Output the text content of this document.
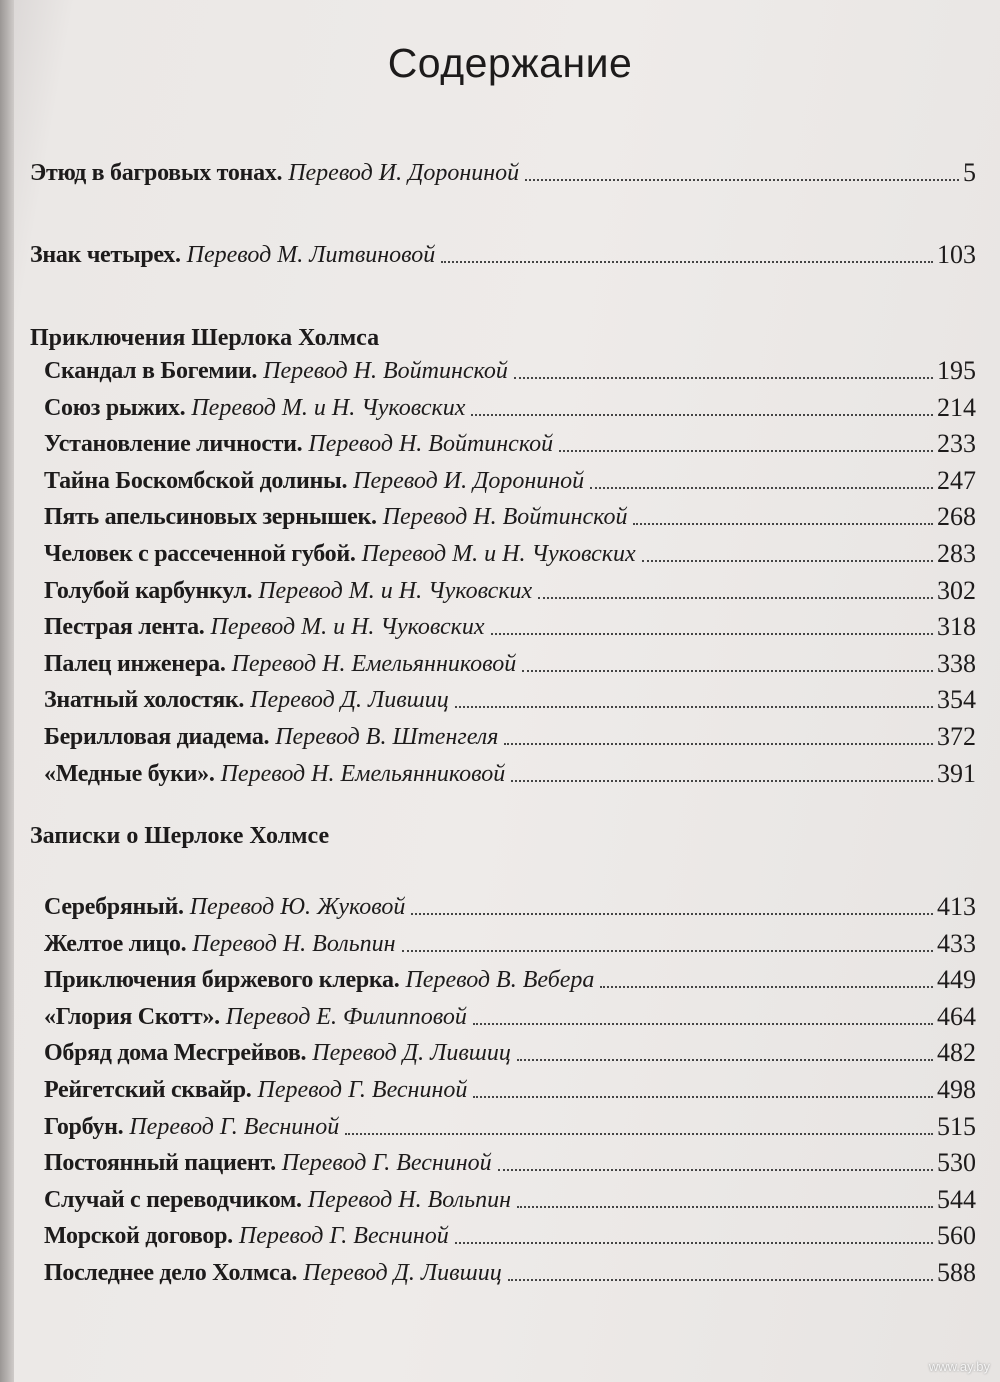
Содержание
Этюд в багровых тонах. Перевод И. Дорониной	5
Знак четырех. Перевод М. Литвиновой	103
Приключения Шерлока Холмса
Скандал в Богемии. Перевод Н. Войтинской	195
Союз рыжих. Перевод М. и Н. Чуковских	214
Установление личности. Перевод Н. Войтинской	233
Тайна Боскомбской долины. Перевод И. Дорониной	247
Пять апельсиновых зернышек. Перевод Н. Войтинской	268
Человек с рассеченной губой. Перевод М. и Н. Чуковских	283
Голубой карбункул. Перевод М. и Н. Чуковских	302
Пестрая лента. Перевод М. и Н. Чуковских	318
Палец инженера. Перевод Н. Емельянниковой	338
Знатный холостяк. Перевод Д. Лившиц	354
Берилловая диадема. Перевод В. Штенгеля	372
«Медные буки». Перевод Н. Емельянниковой	391
Записки о Шерлоке Холмсе
Серебряный. Перевод Ю. Жуковой	413
Желтое лицо. Перевод Н. Вольпин	433
Приключения биржевого клерка. Перевод В. Вебера	449
«Глория Скотт». Перевод Е. Филипповой	464
Обряд дома Месгрейвов. Перевод Д. Лившиц	482
Рейгетский сквайр. Перевод Г. Весниной	498
Горбун. Перевод Г. Весниной	515
Постоянный пациент. Перевод Г. Весниной	530
Случай с переводчиком. Перевод Н. Вольпин	544
Морской договор. Перевод Г. Весниной	560
Последнее дело Холмса. Перевод Д. Лившиц	588
www.ay.by
